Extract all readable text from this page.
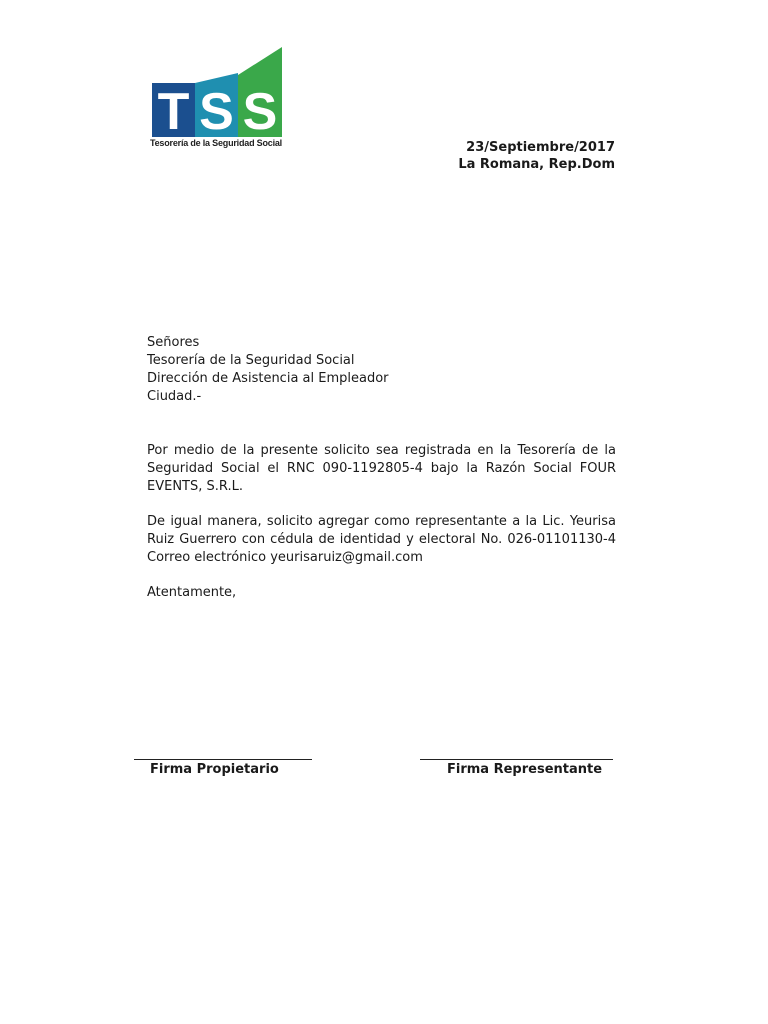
T S S
Tesorería de la Seguridad Social	23/Septiembre/2017
La Romana, Rep.Dom
Señores
Tesorería de la Seguridad Social
Dirección de Asistencia al Empleador
Ciudad.-
Por medio de la presente solicito sea registrada en la Tesorería de la Seguridad Social el RNC 090-1192805-4 bajo la Razón Social FOUR EVENTS, S.R.L.
De igual manera, solicito agregar como representante a la Lic. Yeurisa Ruiz Guerrero con cédula de identidad y electoral No. 026-01101130-4 Correo electrónico yeurisaruiz@gmail.com
Atentamente,
Firma Propietario	Firma Representante
